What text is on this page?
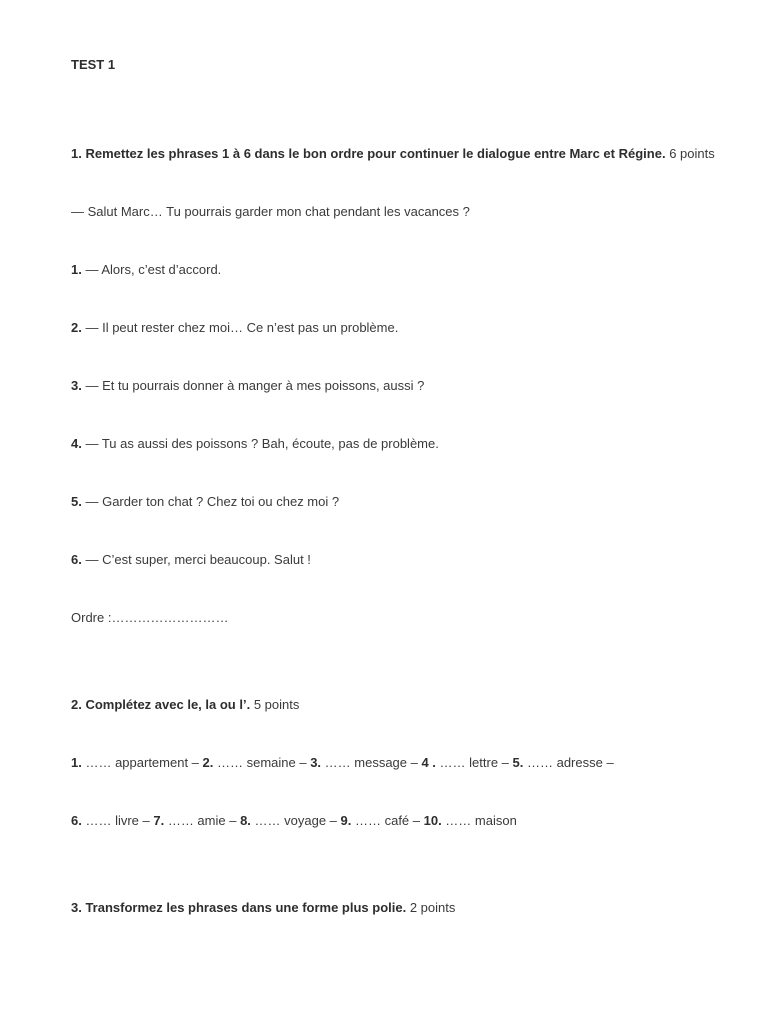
TEST 1
1. Remettez les phrases 1 à 6 dans le bon ordre pour continuer le dialogue entre Marc et Régine. 6 points
— Salut Marc… Tu pourrais garder mon chat pendant les vacances ?
1. — Alors, c’est d’accord.
2. — Il peut rester chez moi… Ce n’est pas un problème.
3. — Et tu pourrais donner à manger à mes poissons, aussi ?
4. — Tu as aussi des poissons ? Bah, écoute, pas de problème.
5. — Garder ton chat ? Chez toi ou chez moi ?
6. — C’est super, merci beaucoup. Salut !
Ordre :………………………
2. Complétez avec le, la ou l’. 5 points
1. …… appartement – 2. …… semaine – 3. …… message – 4 . …… lettre – 5. …… adresse –
6. …… livre – 7. …… amie – 8. …… voyage – 9. …… café – 10. …… maison
3. Transformez les phrases dans une forme plus polie. 2 points
